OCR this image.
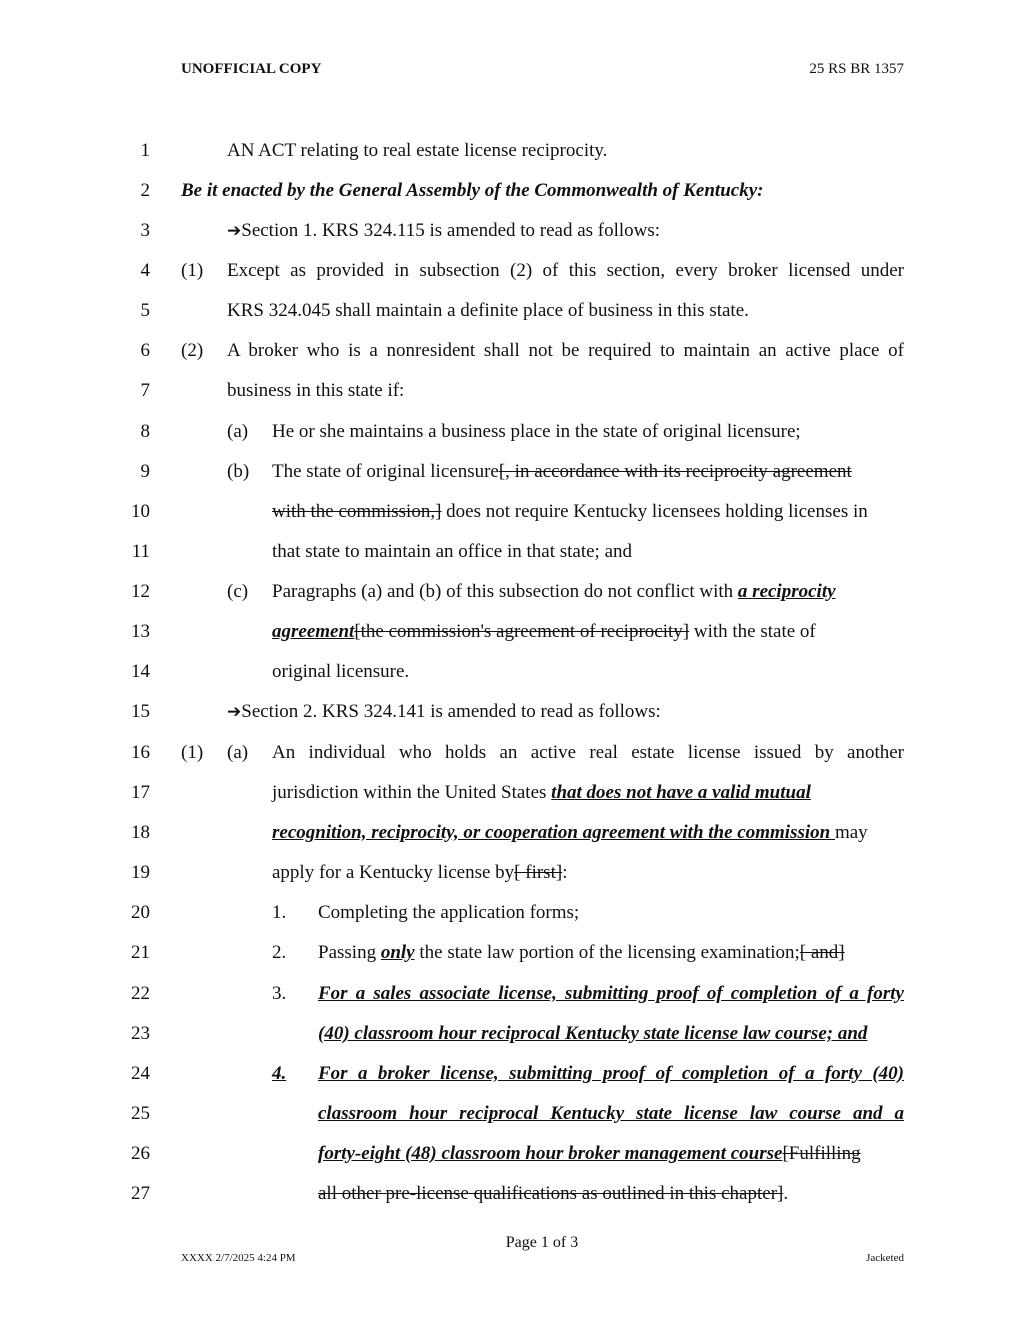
UNOFFICIAL COPY	25 RS BR 1357
1
2
3
4
5
6
7
8
9
10
11
12
13
14
15
16
17
18
19
20
21
22
23
24
25
26
27
AN ACT relating to real estate license reciprocity.
Be it enacted by the General Assembly of the Commonwealth of Kentucky:
➔Section 1. KRS 324.115 is amended to read as follows:
(1) Except as provided in subsection (2) of this section, every broker licensed under
KRS 324.045 shall maintain a definite place of business in this state.
(2) A broker who is a nonresident shall not be required to maintain an active place of
business in this state if:
(a) He or she maintains a business place in the state of original licensure;
(b) The state of original licensure[, in accordance with its reciprocity agreement
with the commission,] does not require Kentucky licensees holding licenses in
that state to maintain an office in that state; and
(c) Paragraphs (a) and (b) of this subsection do not conflict with a reciprocity
agreement[the commission's agreement of reciprocity] with the state of
original licensure.
➔Section 2. KRS 324.141 is amended to read as follows:
(1) (a) An individual who holds an active real estate license issued by another
jurisdiction within the United States that does not have a valid mutual
recognition, reciprocity, or cooperation agreement with the commission may
apply for a Kentucky license by[ first]:
1. Completing the application forms;
2. Passing only the state law portion of the licensing examination;[ and]
3. For a sales associate license, submitting proof of completion of a forty
(40) classroom hour reciprocal Kentucky state license law course; and
4. For a broker license, submitting proof of completion of a forty (40)
classroom hour reciprocal Kentucky state license law course and a
forty-eight (48) classroom hour broker management course[Fulfilling
all other pre-license qualifications as outlined in this chapter].
Page 1 of 3
XXXX 2/7/2025 4:24 PM	Jacketed
